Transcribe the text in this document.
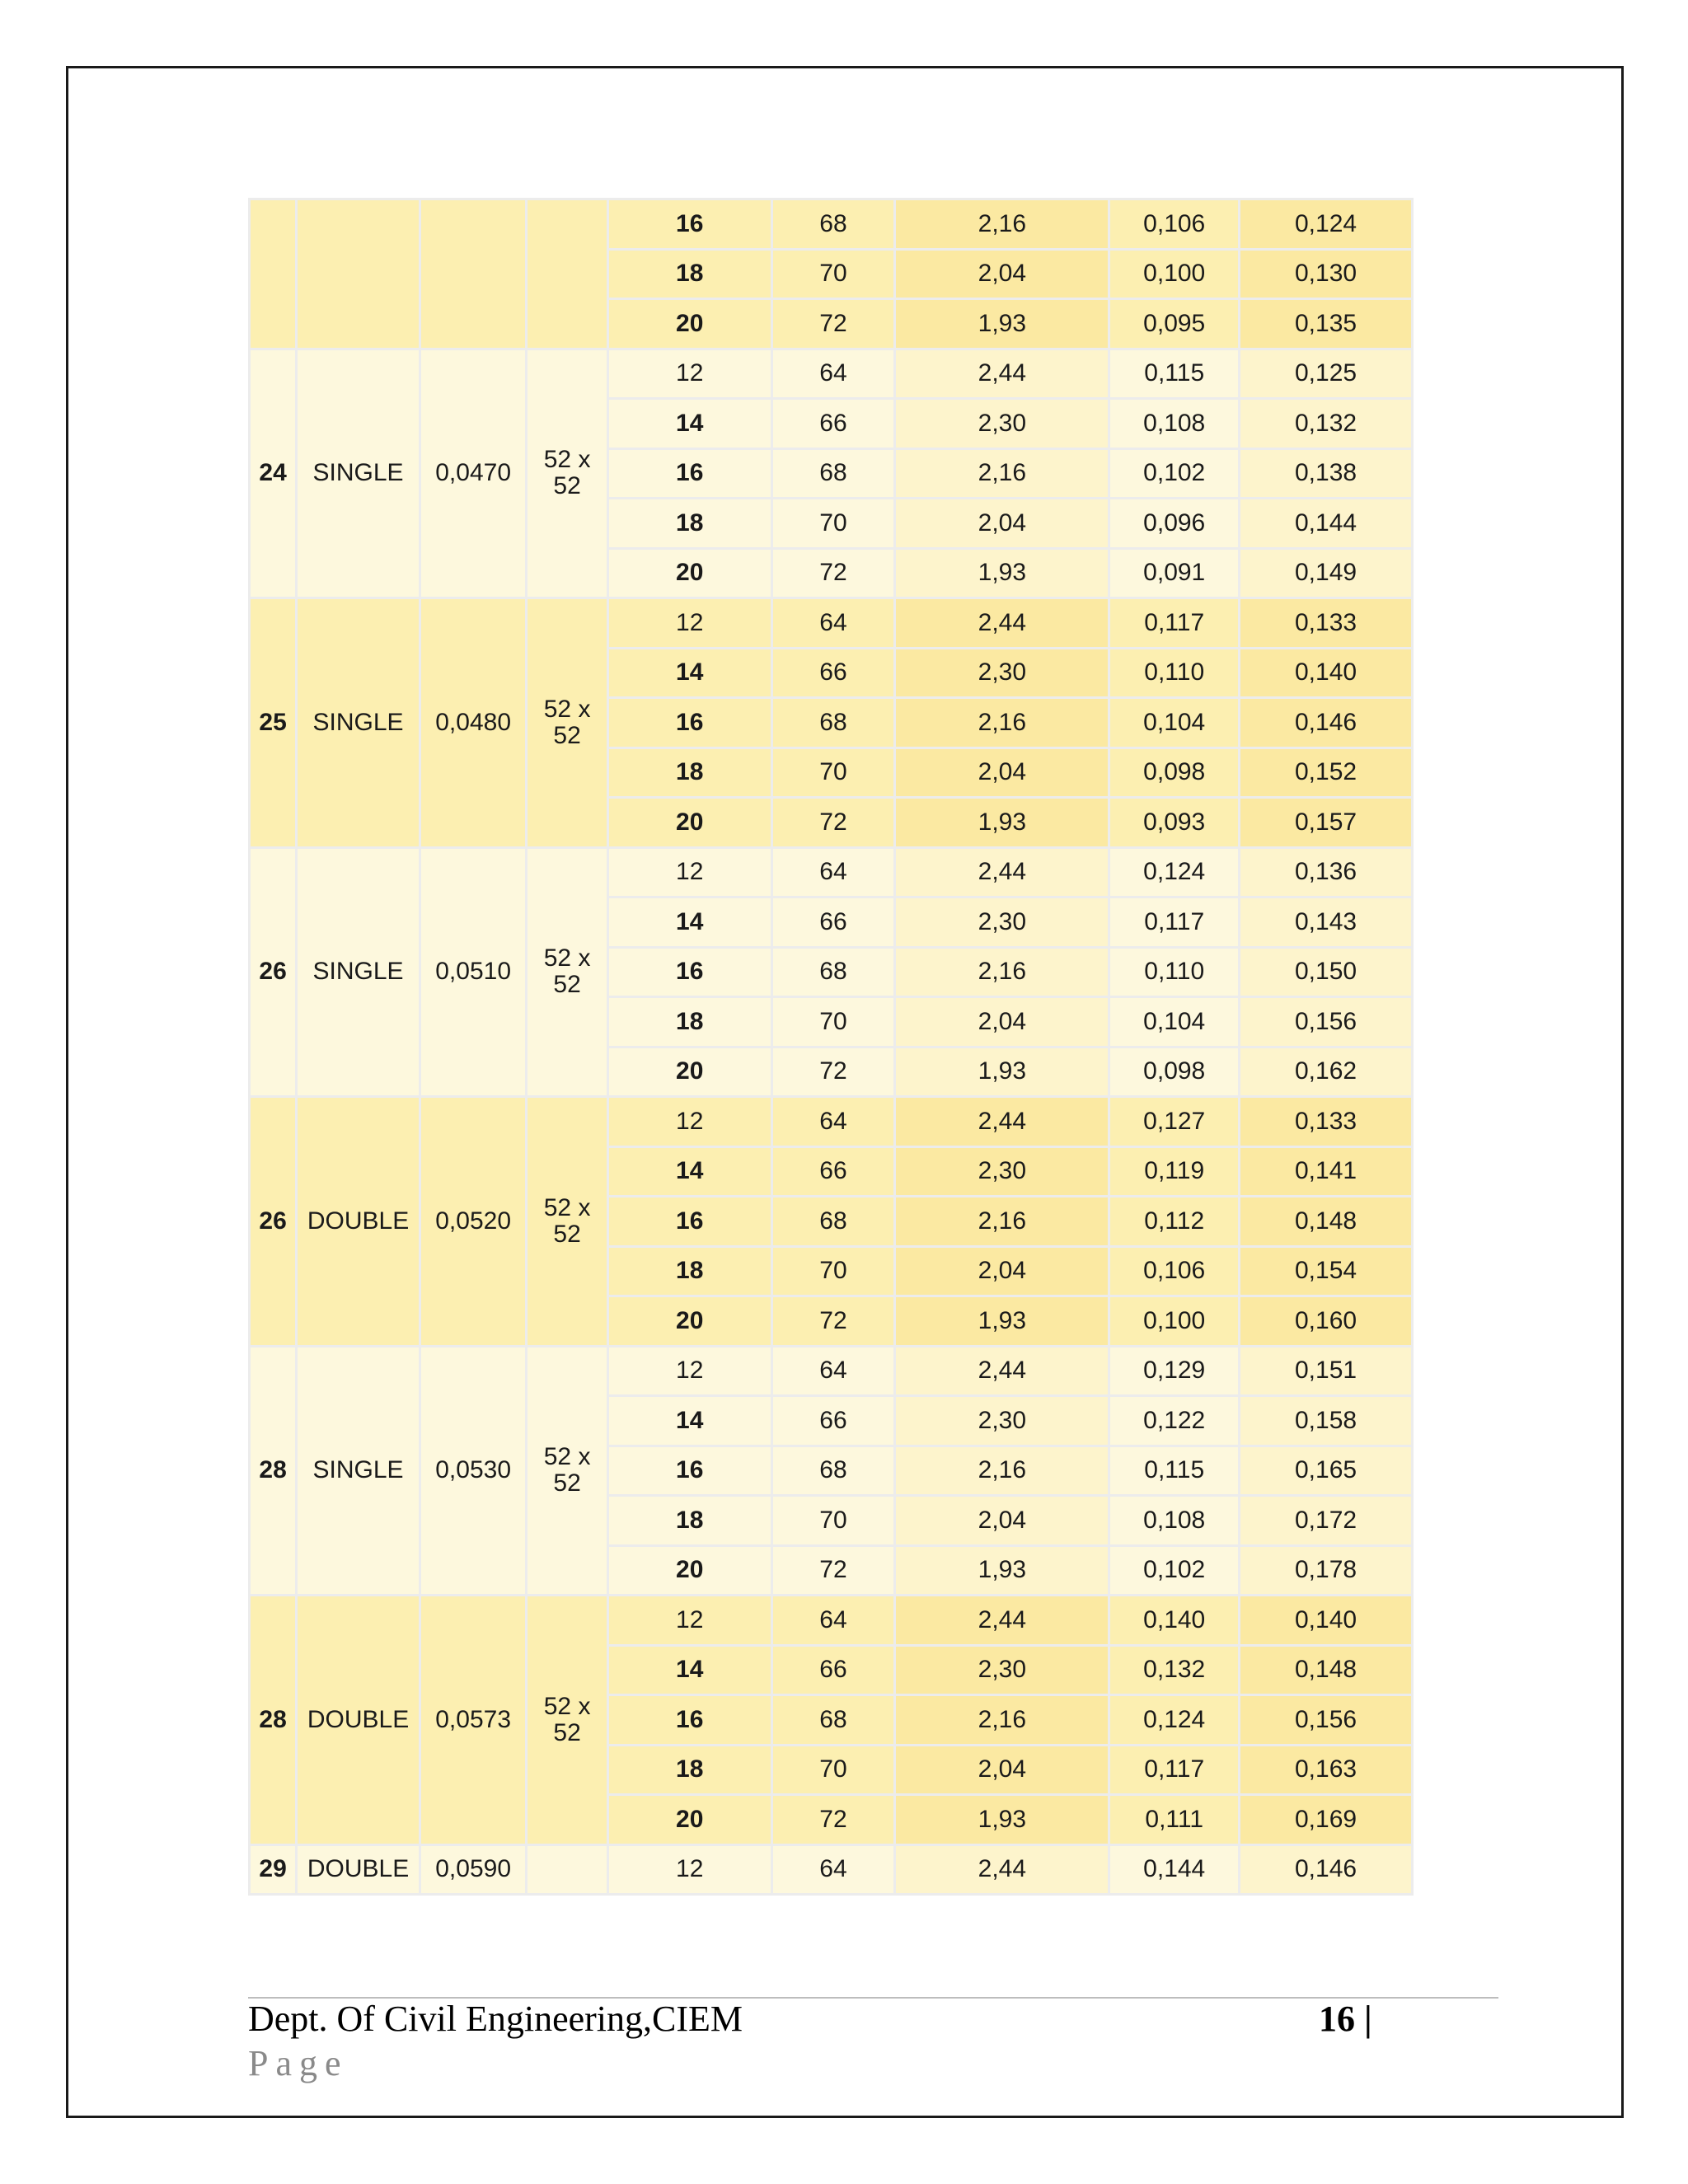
				16	68	2,16	0,106	0,124
				18	70	2,04	0,100	0,130
				20	72	1,93	0,095	0,135
24	SINGLE	0,0470	52 x 52	12	64	2,44	0,115	0,125
				14	66	2,30	0,108	0,132
				16	68	2,16	0,102	0,138
				18	70	2,04	0,096	0,144
				20	72	1,93	0,091	0,149
25	SINGLE	0,0480	52 x 52	12	64	2,44	0,117	0,133
				14	66	2,30	0,110	0,140
				16	68	2,16	0,104	0,146
				18	70	2,04	0,098	0,152
				20	72	1,93	0,093	0,157
26	SINGLE	0,0510	52 x 52	12	64	2,44	0,124	0,136
				14	66	2,30	0,117	0,143
				16	68	2,16	0,110	0,150
				18	70	2,04	0,104	0,156
				20	72	1,93	0,098	0,162
26	DOUBLE	0,0520	52 x 52	12	64	2,44	0,127	0,133
				14	66	2,30	0,119	0,141
				16	68	2,16	0,112	0,148
				18	70	2,04	0,106	0,154
				20	72	1,93	0,100	0,160
28	SINGLE	0,0530	52 x 52	12	64	2,44	0,129	0,151
				14	66	2,30	0,122	0,158
				16	68	2,16	0,115	0,165
				18	70	2,04	0,108	0,172
				20	72	1,93	0,102	0,178
28	DOUBLE	0,0573	52 x 52	12	64	2,44	0,140	0,140
				14	66	2,30	0,132	0,148
				16	68	2,16	0,124	0,156
				18	70	2,04	0,117	0,163
				20	72	1,93	0,111	0,169
29	DOUBLE	0,0590		12	64	2,44	0,144	0,146
Dept. Of Civil Engineering,CIEM
Page
16 |
